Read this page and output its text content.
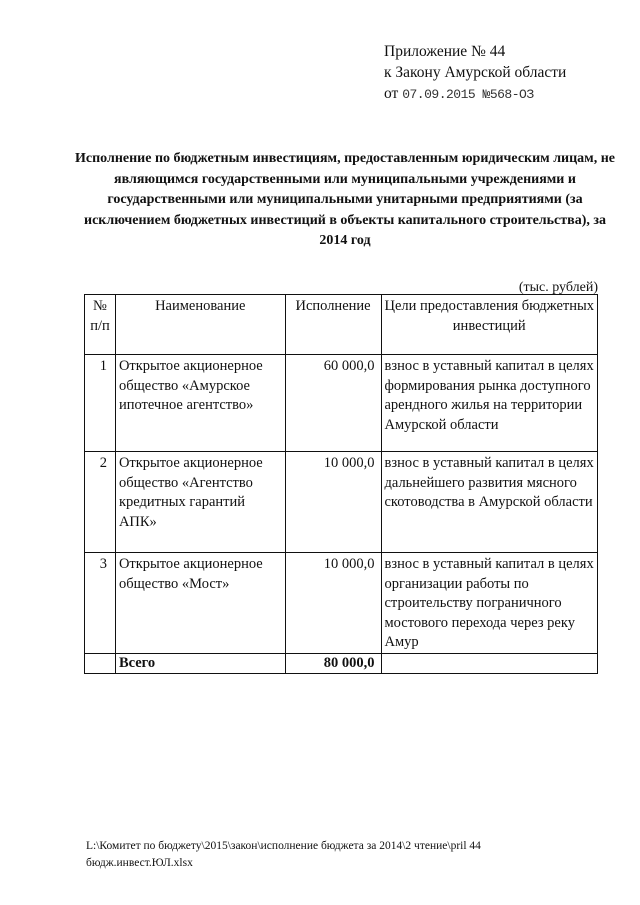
Приложение № 44
к Закону Амурской области
от 07.09.2015 №568-ОЗ
Исполнение по бюджетным инвестициям, предоставленным юридическим лицам, не являющимся государственными или муниципальными учреждениями и государственными или муниципальными унитарными предприятиями (за исключением бюджетных инвестиций в объекты капитального строительства), за 2014 год
(тыс. рублей)
№ п/п	Наименование	Исполнение	Цели предоставления бюджетных инвестиций
1	Открытое акционерное общество «Амурское ипотечное агентство»	60 000,0	взнос в уставный капитал в целях формирования рынка доступного арендного жилья на территории Амурской области
2	Открытое акционерное общество «Агентство кредитных гарантий АПК»	10 000,0	взнос в уставный капитал в целях дальнейшего развития мясного скотоводства в Амурской области
3	Открытое акционерное общество «Мост»	10 000,0	взнос в уставный капитал в целях организации работы по строительству пограничного мостового перехода через реку Амур
	Всего	80 000,0	
L:\Комитет по бюджету\2015\закон\исполнение бюджета за 2014\2 чтение\pril 44
бюдж.инвест.ЮЛ.xlsx
